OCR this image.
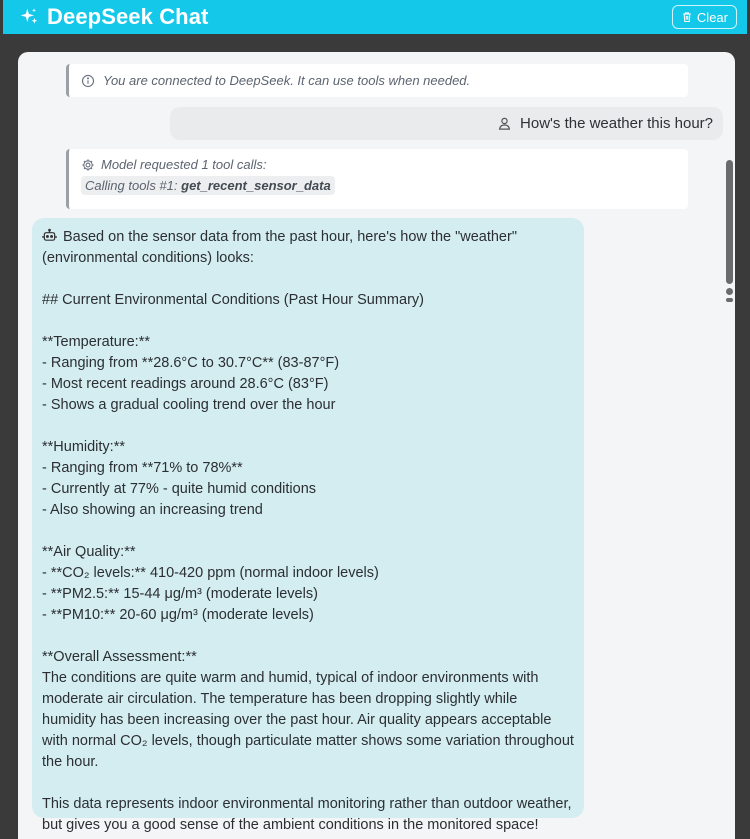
DeepSeek Chat	Clear
You are connected to DeepSeek. It can use tools when needed.
How's the weather this hour?
Model requested 1 tool calls:
Calling tools #1: get_recent_sensor_data
Based on the sensor data from the past hour, here's how the "weather" (environmental conditions) looks:

## Current Environmental Conditions (Past Hour Summary)

**Temperature:**
- Ranging from **28.6°C to 30.7°C** (83-87°F)
- Most recent readings around 28.6°C (83°F)
- Shows a gradual cooling trend over the hour

**Humidity:**
- Ranging from **71% to 78%**
- Currently at 77% - quite humid conditions
- Also showing an increasing trend

**Air Quality:**
- **CO₂ levels:** 410-420 ppm (normal indoor levels)
- **PM2.5:** 15-44 μg/m³ (moderate levels)
- **PM10:** 20-60 μg/m³ (moderate levels)

**Overall Assessment:**
The conditions are quite warm and humid, typical of indoor environments with moderate air circulation. The temperature has been dropping slightly while humidity has been increasing over the past hour. Air quality appears acceptable with normal CO₂ levels, though particulate matter shows some variation throughout the hour.

This data represents indoor environmental monitoring rather than outdoor weather, but gives you a good sense of the ambient conditions in the monitored space!
